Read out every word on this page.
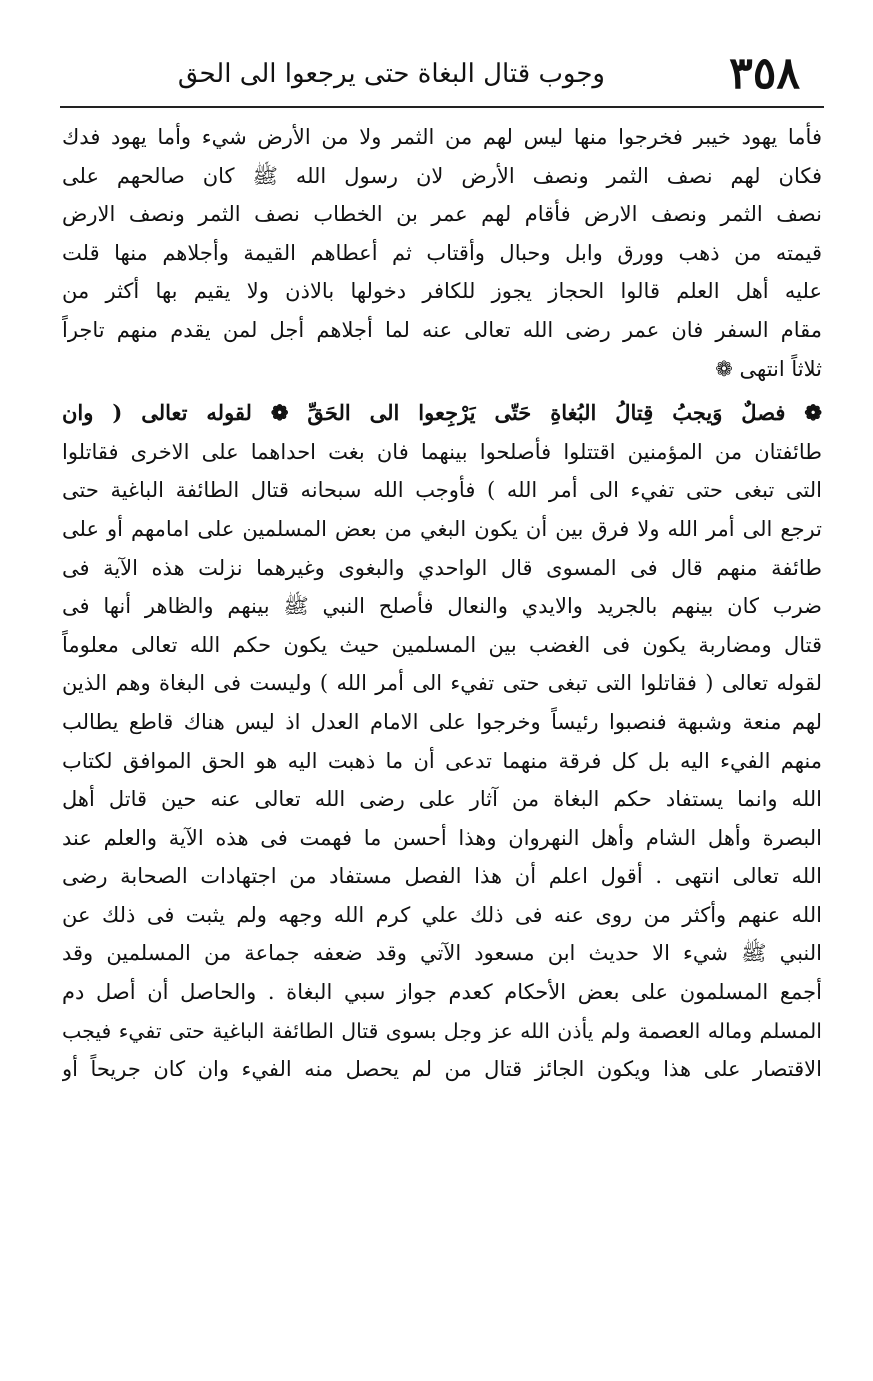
٣٥٨
وجوب قتال البغاة حتى يرجعوا الى الحق
فأما يهود خيبر فخرجوا منها ليس لهم من الثمر ولا من الأرض شيء وأما يهود فدك
فكان لهم نصف الثمر ونصف الأرض لان رسول الله ﷺ كان صالحهم على
نصف الثمر ونصف الارض فأقام لهم عمر بن الخطاب نصف الثمر ونصف الارض
قيمته من ذهب وورق وابل وحبال وأقتاب ثم أعطاهم القيمة وأجلاهم منها قلت
عليه أهل العلم قالوا الحجاز يجوز للكافر دخولها بالاذن ولا يقيم بها أكثر من
مقام السفر فان عمر رضى الله تعالى عنه لما أجلاهم أجل لمن يقدم منهم تاجراً
ثلاثاً انتهى ❁
❁ فصلٌ وَيجبُ قِتالُ البُغاةِ حَتّى يَرْجِعوا الى الحَقِّ ❁ لقوله تعالى ( وان
طائفتان من المؤمنين اقتتلوا فأصلحوا بينهما فان بغت احداهما على الاخرى فقاتلوا
التى تبغى حتى تفيء الى أمر الله ) فأوجب الله سبحانه قتال الطائفة الباغية حتى
ترجع الى أمر الله ولا فرق بين أن يكون البغي من بعض المسلمين على امامهم أو على
طائفة منهم قال فى المسوى قال الواحدي والبغوى وغيرهما نزلت هذه الآية فى
ضرب كان بينهم بالجريد والايدي والنعال فأصلح النبي ﷺ بينهم والظاهر أنها فى
قتال ومضاربة يكون فى الغضب بين المسلمين حيث يكون حكم الله تعالى معلوماً
لقوله تعالى ( فقاتلوا التى تبغى حتى تفيء الى أمر الله ) وليست فى البغاة وهم الذين
لهم منعة وشبهة فنصبوا رئيساً وخرجوا على الامام العدل اذ ليس هناك قاطع يطالب
منهم الفيء اليه بل كل فرقة منهما تدعى أن ما ذهبت اليه هو الحق الموافق لكتاب
الله وانما يستفاد حكم البغاة من آثار على رضى الله تعالى عنه حين قاتل أهل
البصرة وأهل الشام وأهل النهروان وهذا أحسن ما فهمت فى هذه الآية والعلم عند
الله تعالى انتهى . أقول اعلم أن هذا الفصل مستفاد من اجتهادات الصحابة رضى
الله عنهم وأكثر من روى عنه فى ذلك علي كرم الله وجهه ولم يثبت فى ذلك عن
النبي ﷺ شيء الا حديث ابن مسعود الآتي وقد ضعفه جماعة من المسلمين وقد
أجمع المسلمون على بعض الأحكام كعدم جواز سبي البغاة . والحاصل أن أصل دم
المسلم وماله العصمة ولم يأذن الله عز وجل بسوى قتال الطائفة الباغية حتى تفيء فيجب
الاقتصار على هذا ويكون الجائز قتال من لم يحصل منه الفيء وان كان جريحاً أو
